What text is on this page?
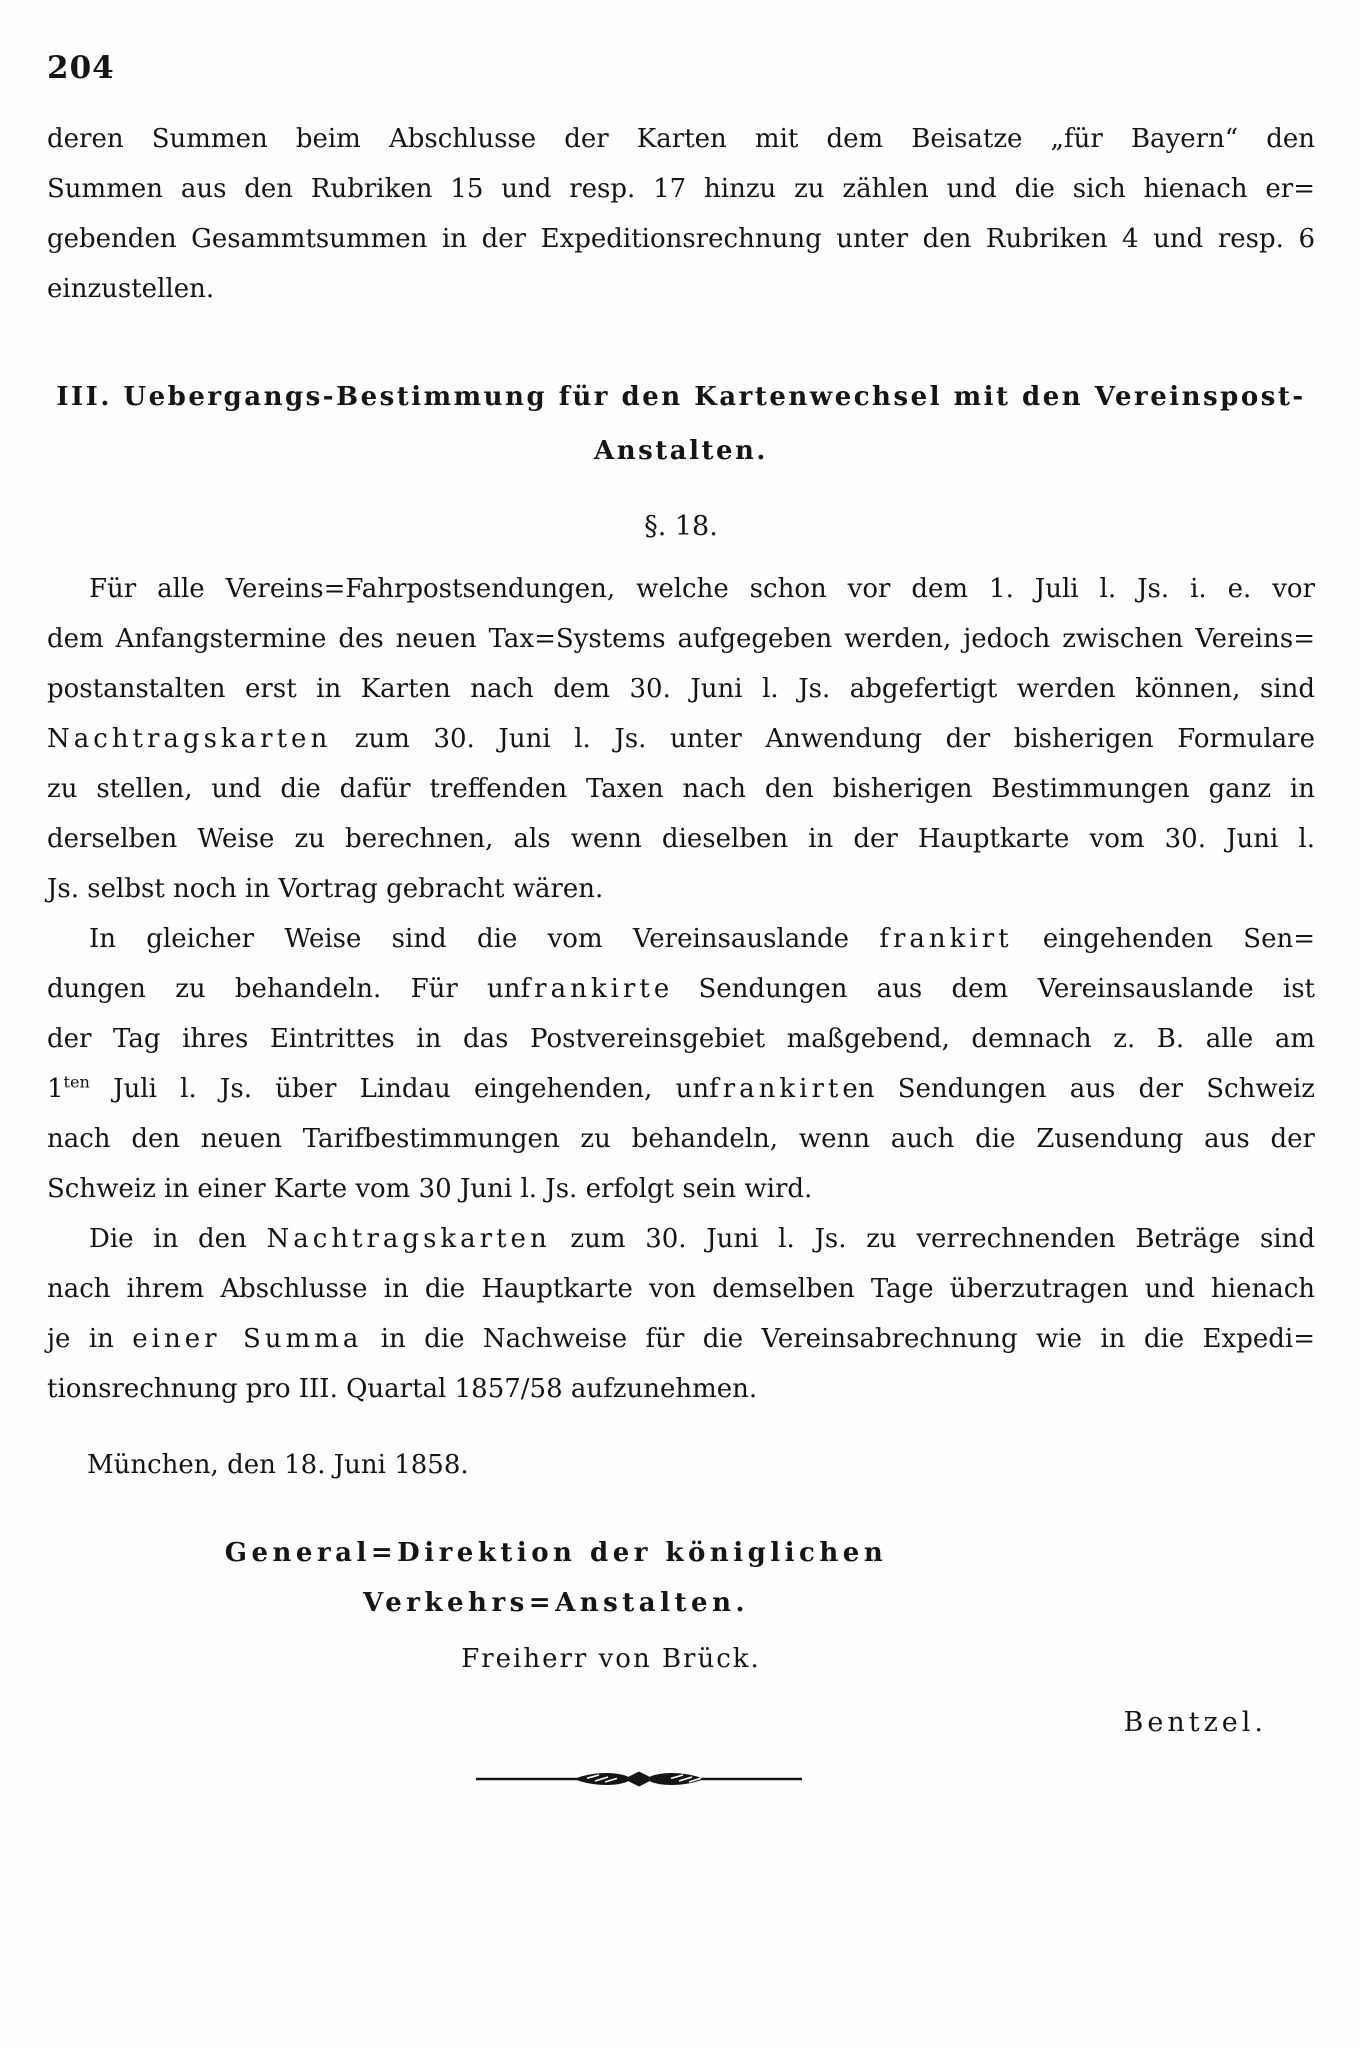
204
deren Summen beim Abschlusse der Karten mit dem Beisatze „für Bayern“ den
Summen aus den Rubriken 15 und resp. 17 hinzu zu zählen und die sich hienach er=
gebenden Gesammtsummen in der Expeditionsrechnung unter den Rubriken 4 und resp. 6
einzustellen.
III. Uebergangs-Bestimmung für den Kartenwechsel mit den Vereinspost-
Anstalten.
§. 18.
Für alle Vereins=Fahrpostsendungen, welche schon vor dem 1. Juli l. Js. i. e. vor
dem Anfangstermine des neuen Tax=Systems aufgegeben werden, jedoch zwischen Vereins=
postanstalten erst in Karten nach dem 30. Juni l. Js. abgefertigt werden können, sind
Nachtragskarten zum 30. Juni l. Js. unter Anwendung der bisherigen Formulare
zu stellen, und die dafür treffenden Taxen nach den bisherigen Bestimmungen ganz in
derselben Weise zu berechnen, als wenn dieselben in der Hauptkarte vom 30. Juni l.
Js. selbst noch in Vortrag gebracht wären.
In gleicher Weise sind die vom Vereinsauslande frankirt eingehenden Sen=
dungen zu behandeln. Für unfrankirte Sendungen aus dem Vereinsauslande ist
der Tag ihres Eintrittes in das Postvereinsgebiet maßgebend, demnach z. B. alle am
$1^{ten}$ Juli l. Js. über Lindau eingehenden, unfrankirten Sendungen aus der Schweiz
nach den neuen Tarifbestimmungen zu behandeln, wenn auch die Zusendung aus der
Schweiz in einer Karte vom 30 Juni l. Js. erfolgt sein wird.
Die in den Nachtragskarten zum 30. Juni l. Js. zu verrechnenden Beträge sind
nach ihrem Abschlusse in die Hauptkarte von demselben Tage überzutragen und hienach
je in einer Summa in die Nachweise für die Vereinsabrechnung wie in die Expedi=
tionsrechnung pro III. Quartal 1857/58 aufzunehmen.
München, den 18. Juni 1858.
General=Direktion der königlichen Verkehrs=Anstalten.
Freiherr von Brück.
Bentzel.
